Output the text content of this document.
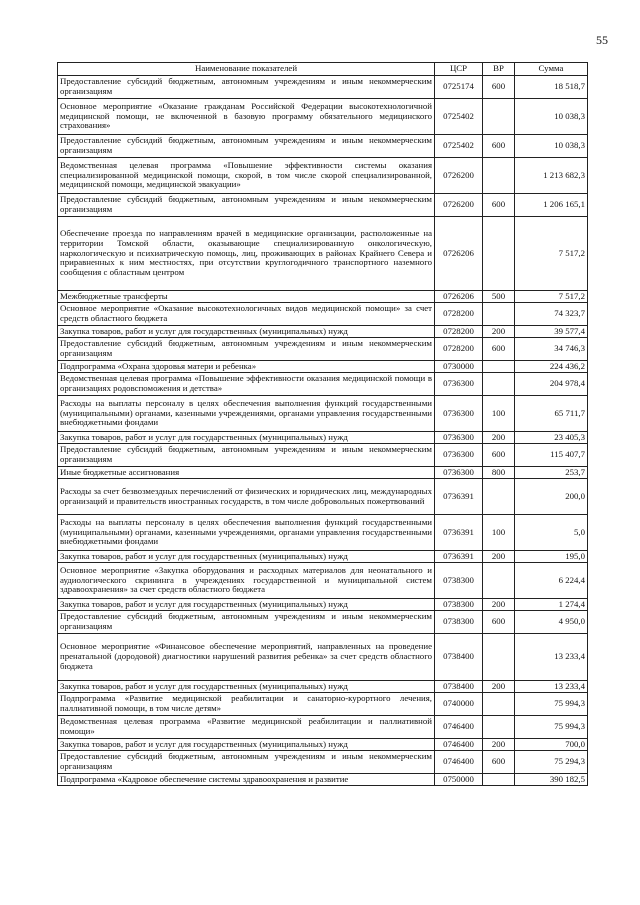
55
Наименование показателей	ЦСР	ВР	Сумма
Предоставление субсидий бюджетным, автономным учреждениям и иным некоммерческим организациям	0725174	600	18 518,7
Основное мероприятие «Оказание гражданам Российской Федерации высокотехнологичной медицинской помощи, не включенной в базовую программу обязательного медицинского страхования»	0725402		10 038,3
Предоставление субсидий бюджетным, автономным учреждениям и иным некоммерческим организациям	0725402	600	10 038,3
Ведомственная целевая программа «Повышение эффективности системы оказания специализированной медицинской помощи, скорой, в том числе скорой специализированной, медицинской помощи, медицинской эвакуации»	0726200		1 213 682,3
Предоставление субсидий бюджетным, автономным учреждениям и иным некоммерческим организациям	0726200	600	1 206 165,1
Обеспечение проезда по направлениям врачей в медицинские организации, расположенные на территории Томской области, оказывающие специализированную онкологическую, наркологическую и психиатрическую помощь, лиц, проживающих в районах Крайнего Севера и приравненных к ним местностях, при отсутствии круглогодичного транспортного наземного сообщения с областным центром	0726206		7 517,2
Межбюджетные трансферты	0726206	500	7 517,2
Основное мероприятие «Оказание высокотехнологичных видов медицинской помощи» за счет средств областного бюджета	0728200		74 323,7
Закупка товаров, работ и услуг для государственных (муниципальных) нужд	0728200	200	39 577,4
Предоставление субсидий бюджетным, автономным учреждениям и иным некоммерческим организациям	0728200	600	34 746,3
Подпрограмма «Охрана здоровья матери и ребенка»	0730000		224 436,2
Ведомственная целевая программа «Повышение эффективности оказания медицинской помощи в организациях родовспоможения и детства»	0736300		204 978,4
Расходы на выплаты персоналу в целях обеспечения выполнения функций государственными (муниципальными) органами, казенными учреждениями, органами управления государственными внебюджетными фондами	0736300	100	65 711,7
Закупка товаров, работ и услуг для государственных (муниципальных) нужд	0736300	200	23 405,3
Предоставление субсидий бюджетным, автономным учреждениям и иным некоммерческим организациям	0736300	600	115 407,7
Иные бюджетные ассигнования	0736300	800	253,7
Расходы за счет безвозмездных перечислений от физических и юридических лиц, международных организаций и правительств иностранных государств, в том числе добровольных пожертвований	0736391		200,0
Расходы на выплаты персоналу в целях обеспечения выполнения функций государственными (муниципальными) органами, казенными учреждениями, органами управления государственными внебюджетными фондами	0736391	100	5,0
Закупка товаров, работ и услуг для государственных (муниципальных) нужд	0736391	200	195,0
Основное мероприятие «Закупка оборудования и расходных материалов для неонатального и аудиологического скрининга в учреждениях государственной и муниципальной систем здравоохранения» за счет средств областного бюджета	0738300		6 224,4
Закупка товаров, работ и услуг для государственных (муниципальных) нужд	0738300	200	1 274,4
Предоставление субсидий бюджетным, автономным учреждениям и иным некоммерческим организациям	0738300	600	4 950,0
Основное мероприятие «Финансовое обеспечение мероприятий, направленных на проведение пренатальной (дородовой) диагностики нарушений развития ребенка» за счет средств областного бюджета	0738400		13 233,4
Закупка товаров, работ и услуг для государственных (муниципальных) нужд	0738400	200	13 233,4
Подпрограмма «Развитие медицинской реабилитации и санаторно-курортного лечения, паллиативной помощи, в том числе детям»	0740000		75 994,3
Ведомственная целевая программа «Развитие медицинской реабилитации и паллиативной помощи»	0746400		75 994,3
Закупка товаров, работ и услуг для государственных (муниципальных) нужд	0746400	200	700,0
Предоставление субсидий бюджетным, автономным учреждениям и иным некоммерческим организациям	0746400	600	75 294,3
Подпрограмма «Кадровое обеспечение системы здравоохранения и развитие	0750000		390 182,5
